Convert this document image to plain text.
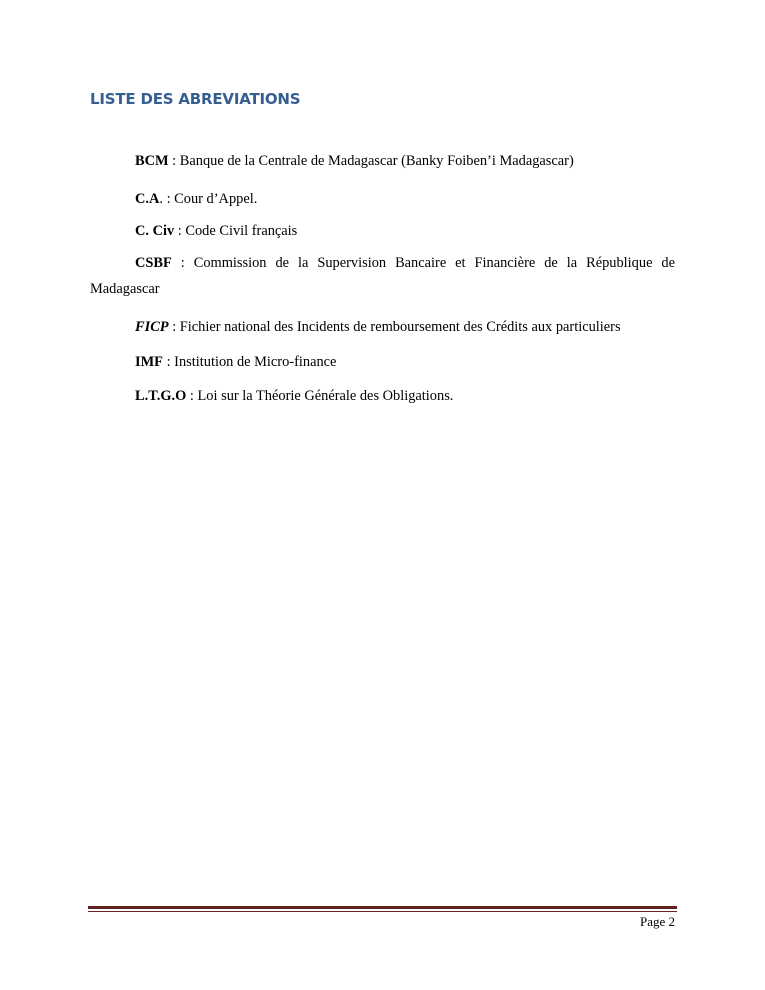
LISTE DES ABREVIATIONS

BCM : Banque de la Centrale de Madagascar (Banky Foiben’i Madagascar)

C.A. : Cour d’Appel.

C. Civ : Code Civil français

CSBF : Commission de la Supervision Bancaire et Financière de la République de Madagascar

FICP : Fichier national des Incidents de remboursement des Crédits aux particuliers

IMF : Institution de Micro-finance

L.T.G.O : Loi sur la Théorie Générale des Obligations.

Page 2
